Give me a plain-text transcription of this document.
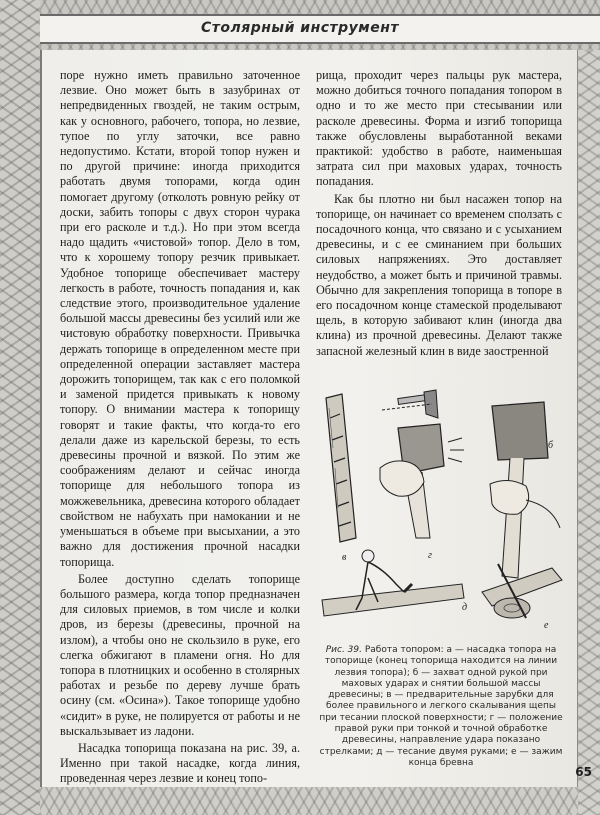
Столярный инструмент

поре нужно иметь правильно заточенное лезвие. Оно может быть в зазубринах от непредвиденных гвоздей, не таким острым, как у основного, рабочего, топора, но лезвие, тупое по углу заточки, все равно недопустимо. Кстати, второй топор нужен и по другой причине: иногда приходится работать двумя топорами, когда один помогает другому (отколоть ровную рейку от доски, забить топоры с двух сторон чурака при его расколе и т.д.). Но при этом всегда надо щадить «чистовой» топор. Дело в том, что к хорошему топору резчик привыкает. Удобное топорище обеспечивает мастеру легкость в работе, точность попадания и, как следствие этого, производительное удаление большой массы древесины без усилий или же чистовую обработку поверхности. Привычка держать топорище в определенном месте при определенной операции заставляет мастера дорожить топорищем, так как с его поломкой и заменой придется привыкать к новому топору. О внимании мастера к топорищу говорят и такие факты, что когда-то его делали даже из карельской березы, то есть древесины прочной и вязкой. По этим же соображениям делают и сейчас иногда топорище для небольшого топора из можжевельника, древесина которого обладает свойством не набухать при намокании и не уменьшаться в объеме при высыхании, а это важно для достижения прочной насадки топорища.

Более доступно сделать топорище большого размера, когда топор предназначен для силовых приемов, в том числе и колки дров, из березы (древесины, прочной на излом), а чтобы оно не скользило в руке, его слегка обжигают в пламени огня. Но для топора в плотницких и особенно в столярных работах и резьбе по дереву лучше брать осину (см. «Осина»). Такое топорище удобно «сидит» в руке, не полируется от работы и не выскальзывает из ладони.

Насадка топорища показана на рис. 39, а. Именно при такой насадке, когда линия, проведенная через лезвие и конец топо-

рища, проходит через пальцы рук мастера, можно добиться точного попадания топором в одно и то же место при стесывании или расколе древесины. Форма и изгиб топорища также обусловлены выработанной веками практикой: удобство в работе, наименьшая затрата сил при маховых ударах, точность попадания.

Как бы плотно ни был насажен топор на топорище, он начинает со временем сползать с посадочного конца, что связано и с усыханием древесины, и с ее сминанием при больших силовых напряжениях. Это доставляет неудобство, а может быть и причиной травмы. Обычно для закрепления топорища в топоре в его посадочном конце стамеской проделывают щель, в которую забивают клин (иногда два клина) из прочной древесины. Делают также запасной железный клин в виде заостренной

в	г
б
д
е
Рис. 39. Работа топором: а — насадка топора на топорище (конец топорища находится на линии лезвия топора); б — захват одной рукой при маховых ударах и снятии большой массы древесины; в — предварительные зарубки для более правильного и легкого скалывания щепы при тесании плоской поверхности; г — положение правой руки при тонкой и точной обработке древесины, направление удара показано стрелками; д — тесание двумя руками; е — зажим конца бревна
65
